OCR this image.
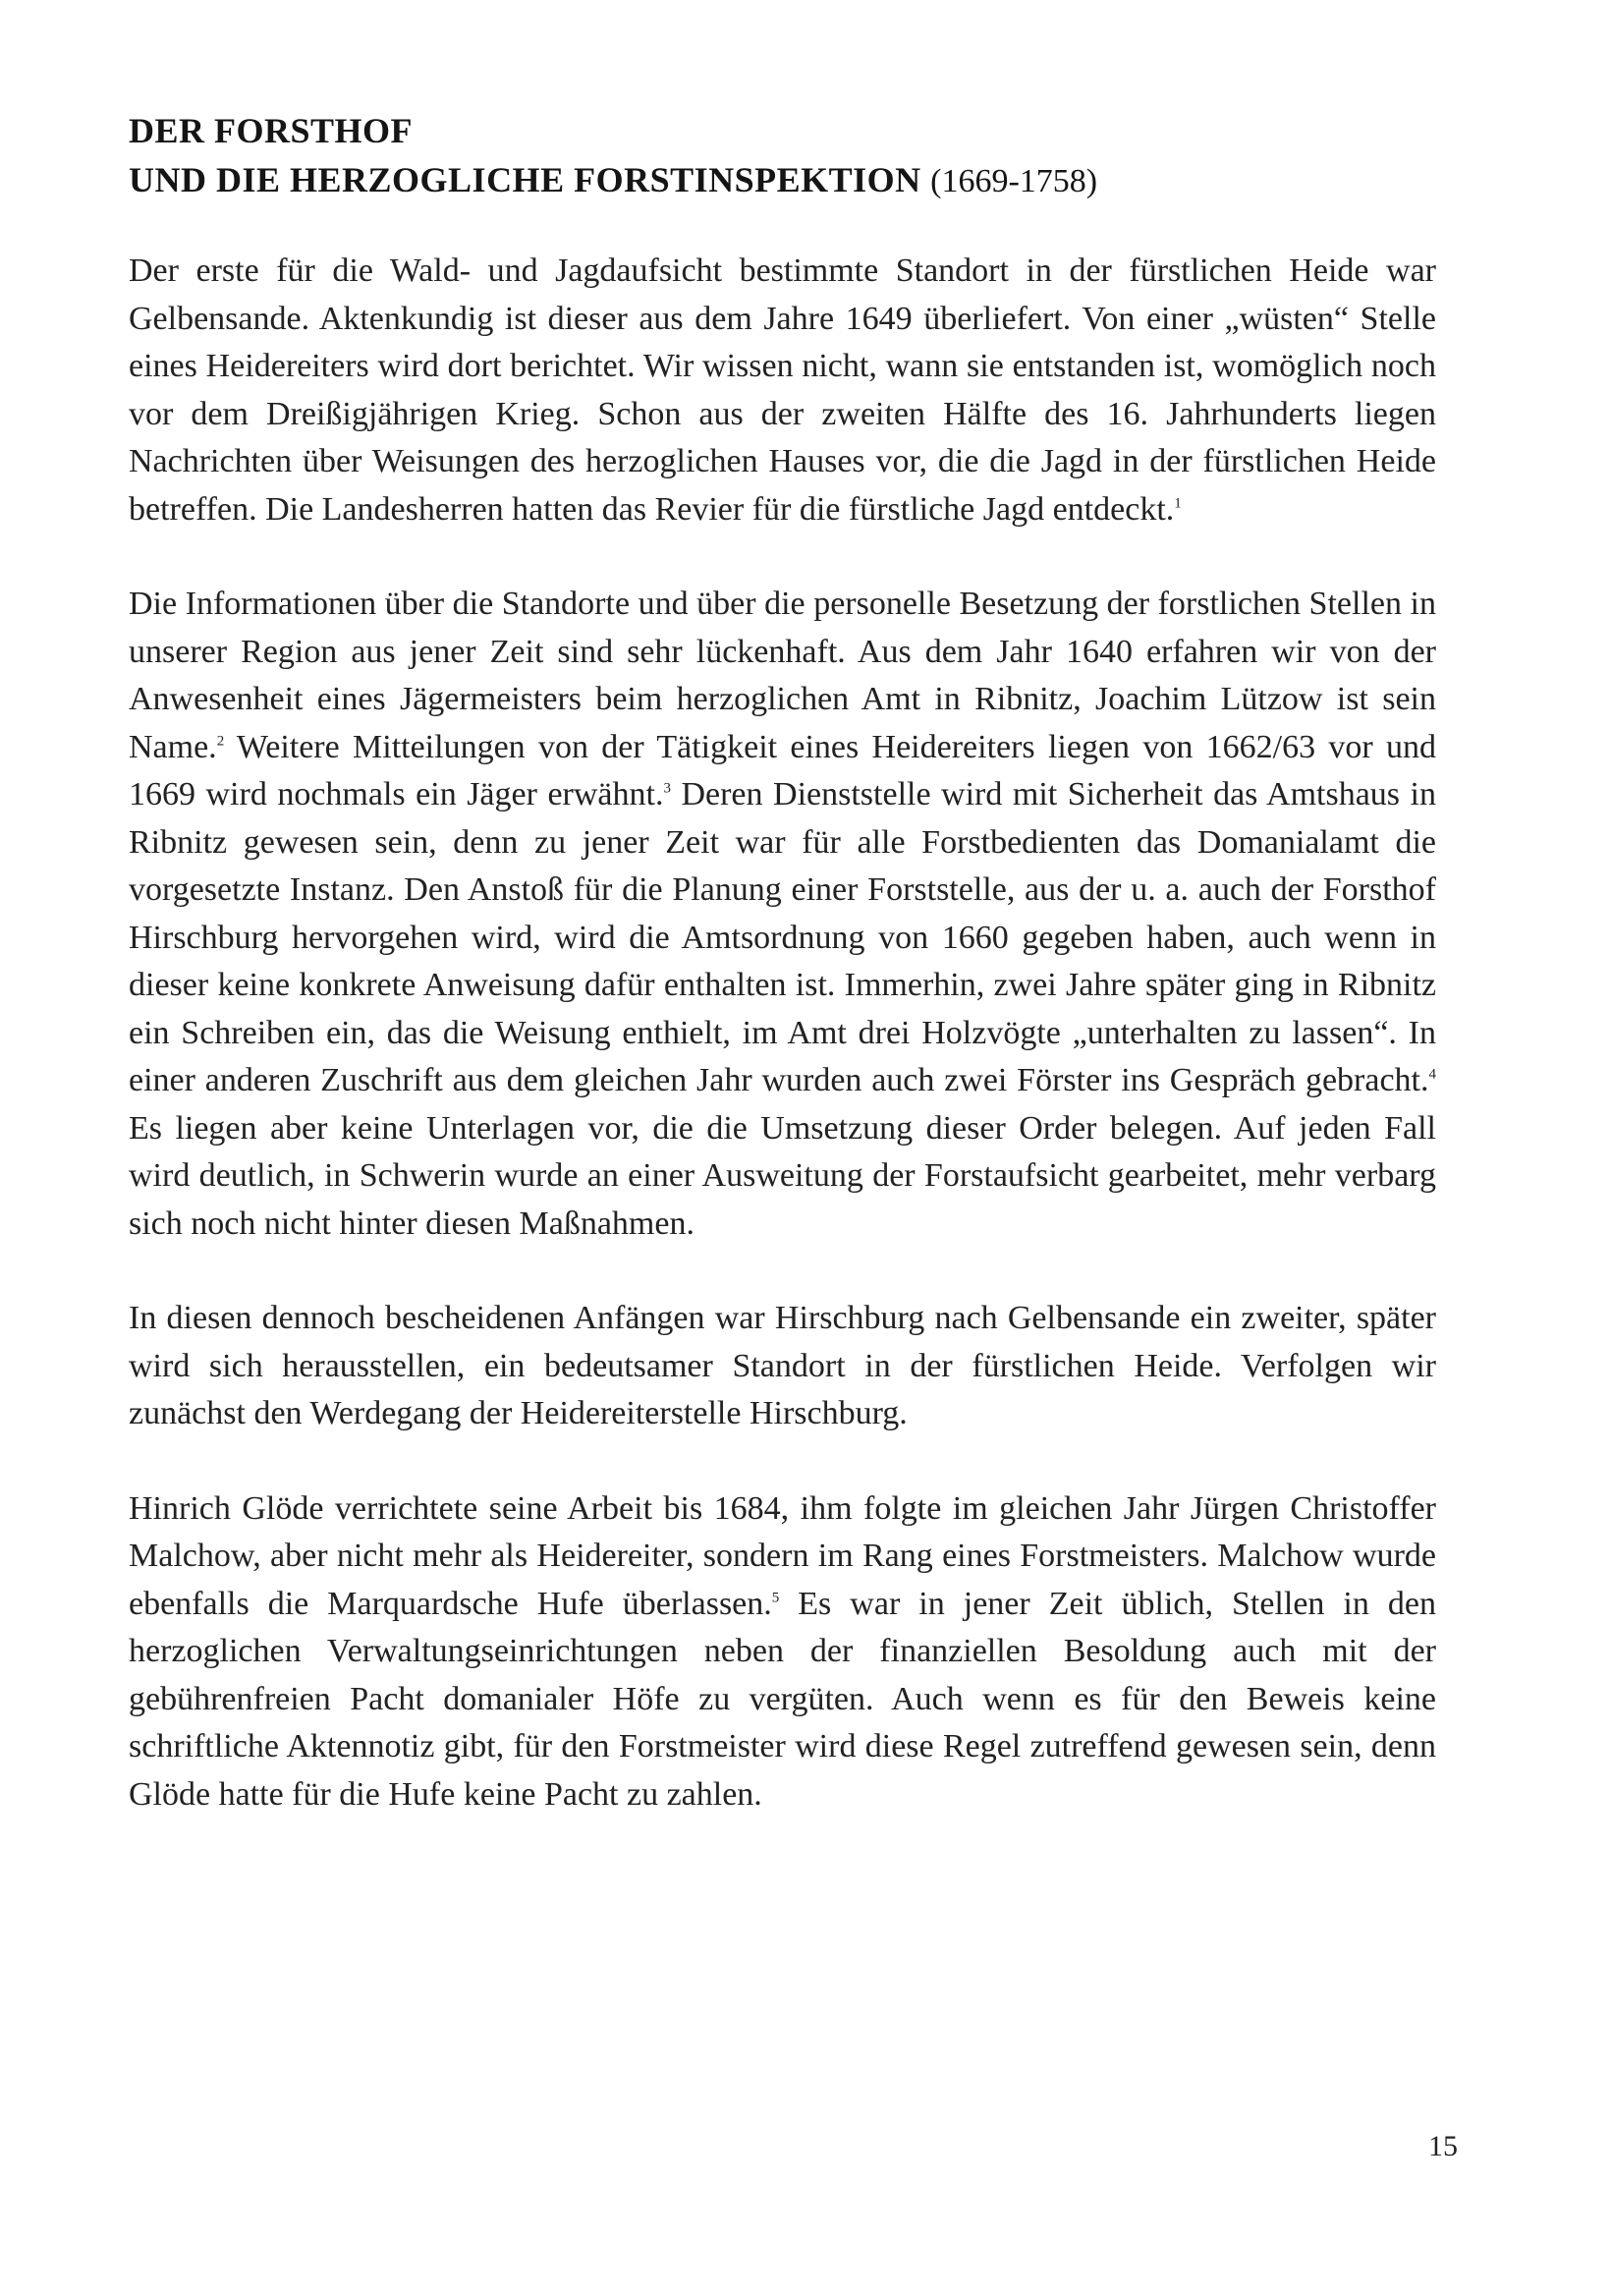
DER FORSTHOF
UND DIE HERZOGLICHE FORSTINSPEKTION (1669-1758)

Der erste für die Wald- und Jagdaufsicht bestimmte Standort in der fürstlichen Heide war Gelbensande. Aktenkundig ist dieser aus dem Jahre 1649 überliefert. Von einer „wüsten“ Stelle eines Heidereiters wird dort berichtet. Wir wissen nicht, wann sie entstanden ist, womöglich noch vor dem Dreißigjährigen Krieg. Schon aus der zweiten Hälfte des 16. Jahrhunderts liegen Nachrichten über Weisungen des herzoglichen Hauses vor, die die Jagd in der fürstlichen Heide betreffen. Die Landesherren hatten das Revier für die fürstliche Jagd entdeckt.$^1$

Die Informationen über die Standorte und über die personelle Besetzung der forstlichen Stellen in unserer Region aus jener Zeit sind sehr lückenhaft. Aus dem Jahr 1640 erfahren wir von der Anwesenheit eines Jägermeisters beim herzoglichen Amt in Ribnitz, Joachim Lützow ist sein Name.$^2$ Weitere Mitteilungen von der Tätigkeit eines Heidereiters liegen von 1662/63 vor und 1669 wird nochmals ein Jäger erwähnt.$^3$ Deren Dienststelle wird mit Sicherheit das Amtshaus in Ribnitz gewesen sein, denn zu jener Zeit war für alle Forstbedienten das Domanialamt die vorgesetzte Instanz. Den Anstoß für die Planung einer Forststelle, aus der u. a. auch der Forsthof Hirschburg hervorgehen wird, wird die Amtsordnung von 1660 gegeben haben, auch wenn in dieser keine konkrete Anweisung dafür enthalten ist. Immerhin, zwei Jahre später ging in Ribnitz ein Schreiben ein, das die Weisung enthielt, im Amt drei Holzvögte „unterhalten zu lassen“. In einer anderen Zuschrift aus dem gleichen Jahr wurden auch zwei Förster ins Gespräch gebracht.$^4$ Es liegen aber keine Unterlagen vor, die die Umsetzung dieser Order belegen. Auf jeden Fall wird deutlich, in Schwerin wurde an einer Ausweitung der Forstaufsicht gearbeitet, mehr verbarg sich noch nicht hinter diesen Maßnahmen.

In diesen dennoch bescheidenen Anfängen war Hirschburg nach Gelbensande ein zweiter, später wird sich herausstellen, ein bedeutsamer Standort in der fürstlichen Heide. Verfolgen wir zunächst den Werdegang der Heidereiterstelle Hirschburg.

Hinrich Glöde verrichtete seine Arbeit bis 1684, ihm folgte im gleichen Jahr Jürgen Christoffer Malchow, aber nicht mehr als Heidereiter, sondern im Rang eines Forstmeisters. Malchow wurde ebenfalls die Marquardsche Hufe überlassen.$^5$ Es war in jener Zeit üblich, Stellen in den herzoglichen Verwaltungseinrichtungen neben der finanziellen Besoldung auch mit der gebührenfreien Pacht domanialer Höfe zu vergüten. Auch wenn es für den Beweis keine schriftliche Aktennotiz gibt, für den Forstmeister wird diese Regel zutreffend gewesen sein, denn Glöde hatte für die Hufe keine Pacht zu zahlen.

15
